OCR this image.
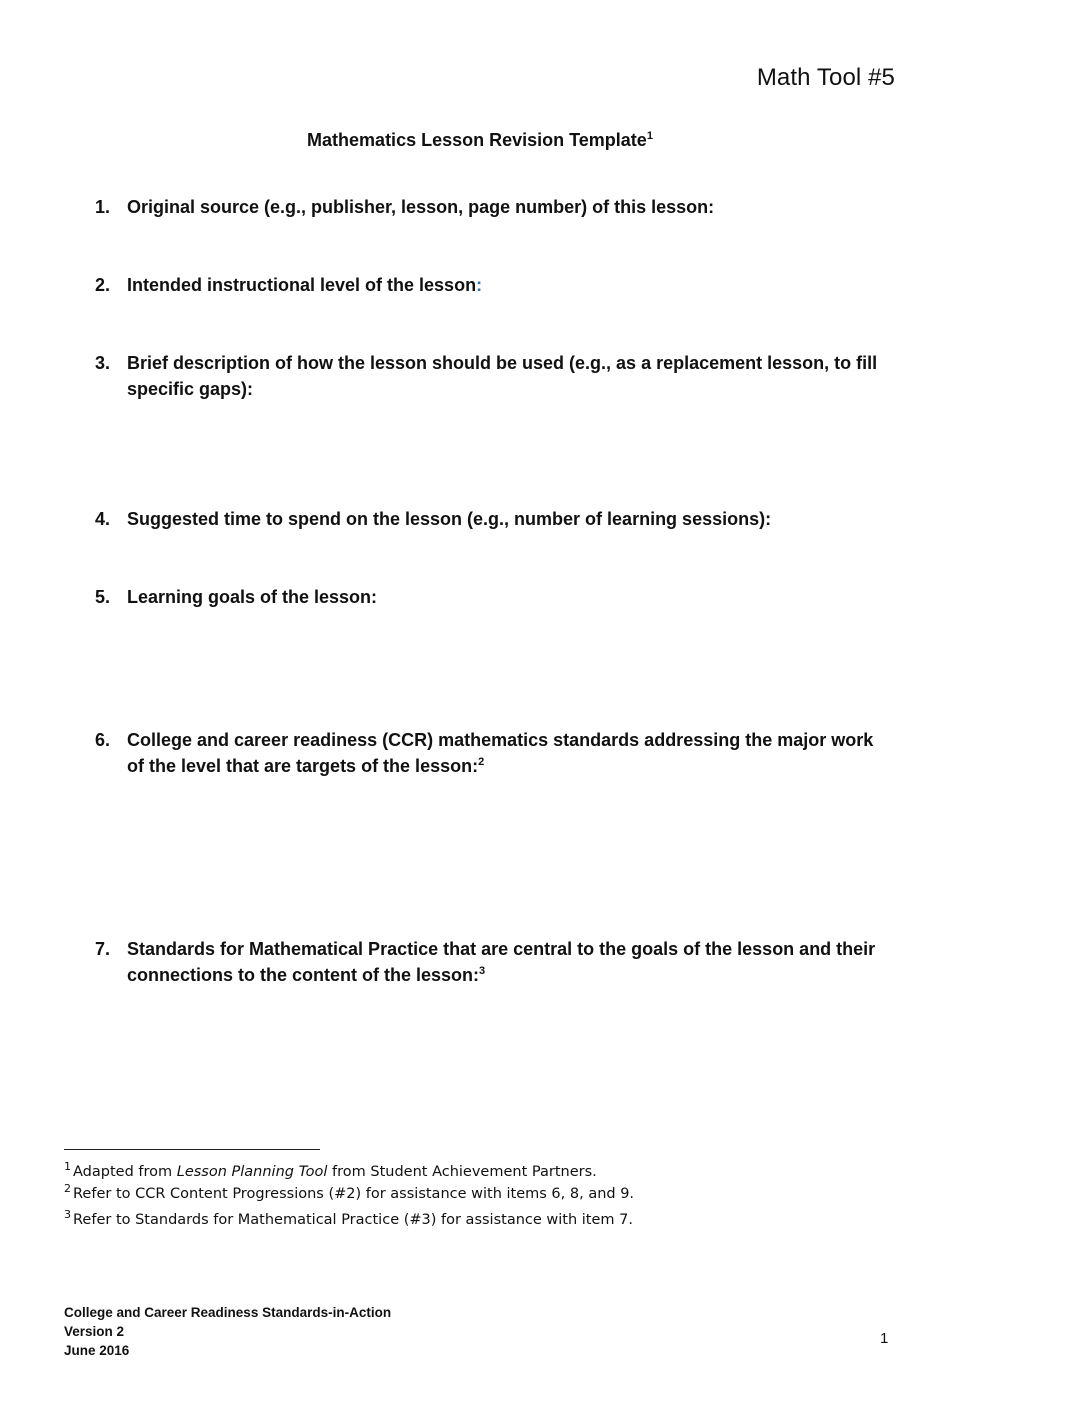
Math Tool #5
Mathematics Lesson Revision Template$^1$
1. Original source (e.g., publisher, lesson, page number) of this lesson:
2. Intended instructional level of the lesson:
3. Brief description of how the lesson should be used (e.g., as a replacement lesson, to fill specific gaps):
4. Suggested time to spend on the lesson (e.g., number of learning sessions):
5. Learning goals of the lesson:
6. College and career readiness (CCR) mathematics standards addressing the major work of the level that are targets of the lesson:$^2$
7. Standards for Mathematical Practice that are central to the goals of the lesson and their connections to the content of the lesson:$^3$
$^1$ Adapted from Lesson Planning Tool from Student Achievement Partners.
$^2$ Refer to CCR Content Progressions (#2) for assistance with items 6, 8, and 9.
$^3$ Refer to Standards for Mathematical Practice (#3) for assistance with item 7.
College and Career Readiness Standards-in-Action
Version 2
June 2016
1
